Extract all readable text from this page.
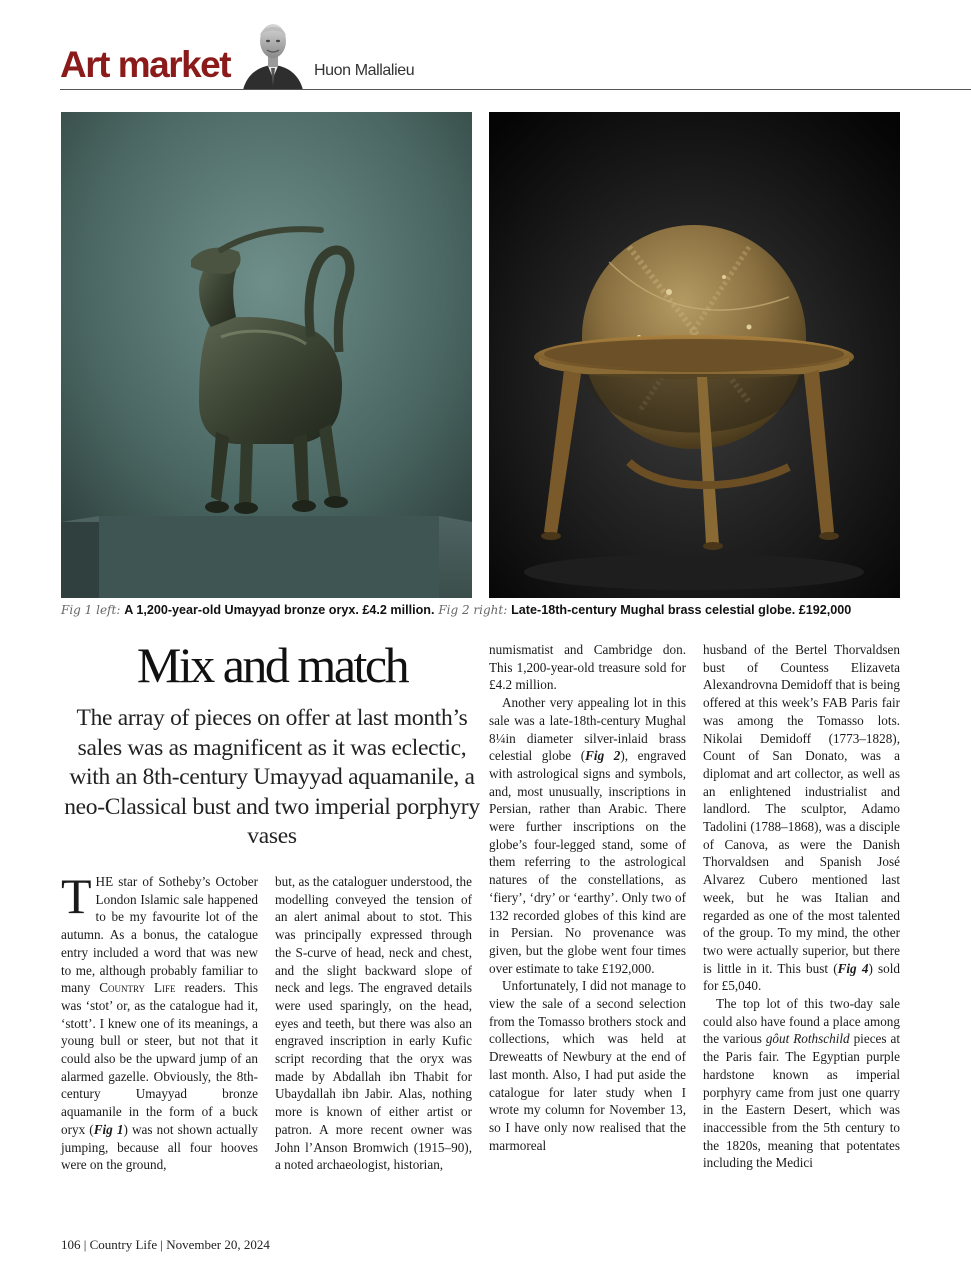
Art market	Huon Mallalieu
Fig 1 left: A 1,200-year-old Umayyad bronze oryx. £4.2 million. Fig 2 right: Late-18th-century Mughal brass celestial globe. £192,000
Mix and match
The array of pieces on offer at last month’s sales was as magnificent as it was eclectic, with an 8th-century Umayyad aquamanile, a neo-Classical bust and two imperial porphyry vases

THE star of Sotheby’s October London Islamic sale happened to be my favourite lot of the autumn. As a bonus, the catalogue entry included a word that was new to me, although probably familiar to many Country Life readers. This was ‘stot’ or, as the catalogue had it, ‘stott’. I knew one of its meanings, a young bull or steer, but not that it could also be the upward jump of an alarmed gazelle. Obviously, the 8th-century Umayyad bronze aquamanile in the form of a buck oryx (Fig 1) was not shown actually jumping, because all four hooves were on the ground,

but, as the cataloguer understood, the modelling conveyed the tension of an alert animal about to stot. This was principally expressed through the S-curve of head, neck and chest, and the slight backward slope of neck and legs. The engraved details were used sparingly, on the head, eyes and teeth, but there was also an engraved inscription in early Kufic script recording that the oryx was made by Abdallah ibn Thabit for Ubaydallah ibn Jabir. Alas, nothing more is known of either artist or patron. A more recent owner was John l’Anson Bromwich (1915–90), a noted archaeologist, historian,

numismatist and Cambridge don. This 1,200-year-old treasure sold for £4.2 million.

Another very appealing lot in this sale was a late-18th-century Mughal 8¼in diameter silver-inlaid brass celestial globe (Fig 2), engraved with astrological signs and symbols, and, most unusually, inscriptions in Persian, rather than Arabic. There were further inscriptions on the globe’s four-legged stand, some of them referring to the astrological natures of the constellations, as ‘fiery’, ‘dry’ or ‘earthy’. Only two of 132 recorded globes of this kind are in Persian. No provenance was given, but the globe went four times over estimate to take £192,000.

Unfortunately, I did not manage to view the sale of a second selection from the Tomasso brothers stock and collections, which was held at Dreweatts of Newbury at the end of last month. Also, I had put aside the catalogue for later study when I wrote my column for November 13, so I have only now realised that the marmoreal

husband of the Bertel Thorvaldsen bust of Countess Elizaveta Alexandrovna Demidoff that is being offered at this week’s FAB Paris fair was among the Tomasso lots. Nikolai Demidoff (1773–1828), Count of San Donato, was a diplomat and art collector, as well as an enlightened industrialist and landlord. The sculptor, Adamo Tadolini (1788–1868), was a disciple of Canova, as were the Danish Thorvaldsen and Spanish José Alvarez Cubero mentioned last week, but he was Italian and regarded as one of the most talented of the group. To my mind, the other two were actually superior, but there is little in it. This bust (Fig 4) sold for £5,040.

The top lot of this two-day sale could also have found a place among the various gôut Rothschild pieces at the Paris fair. The Egyptian purple hardstone known as imperial porphyry came from just one quarry in the Eastern Desert, which was inaccessible from the 5th century to the 1820s, meaning that potentates including the Medici

106 | Country Life | November 20, 2024
